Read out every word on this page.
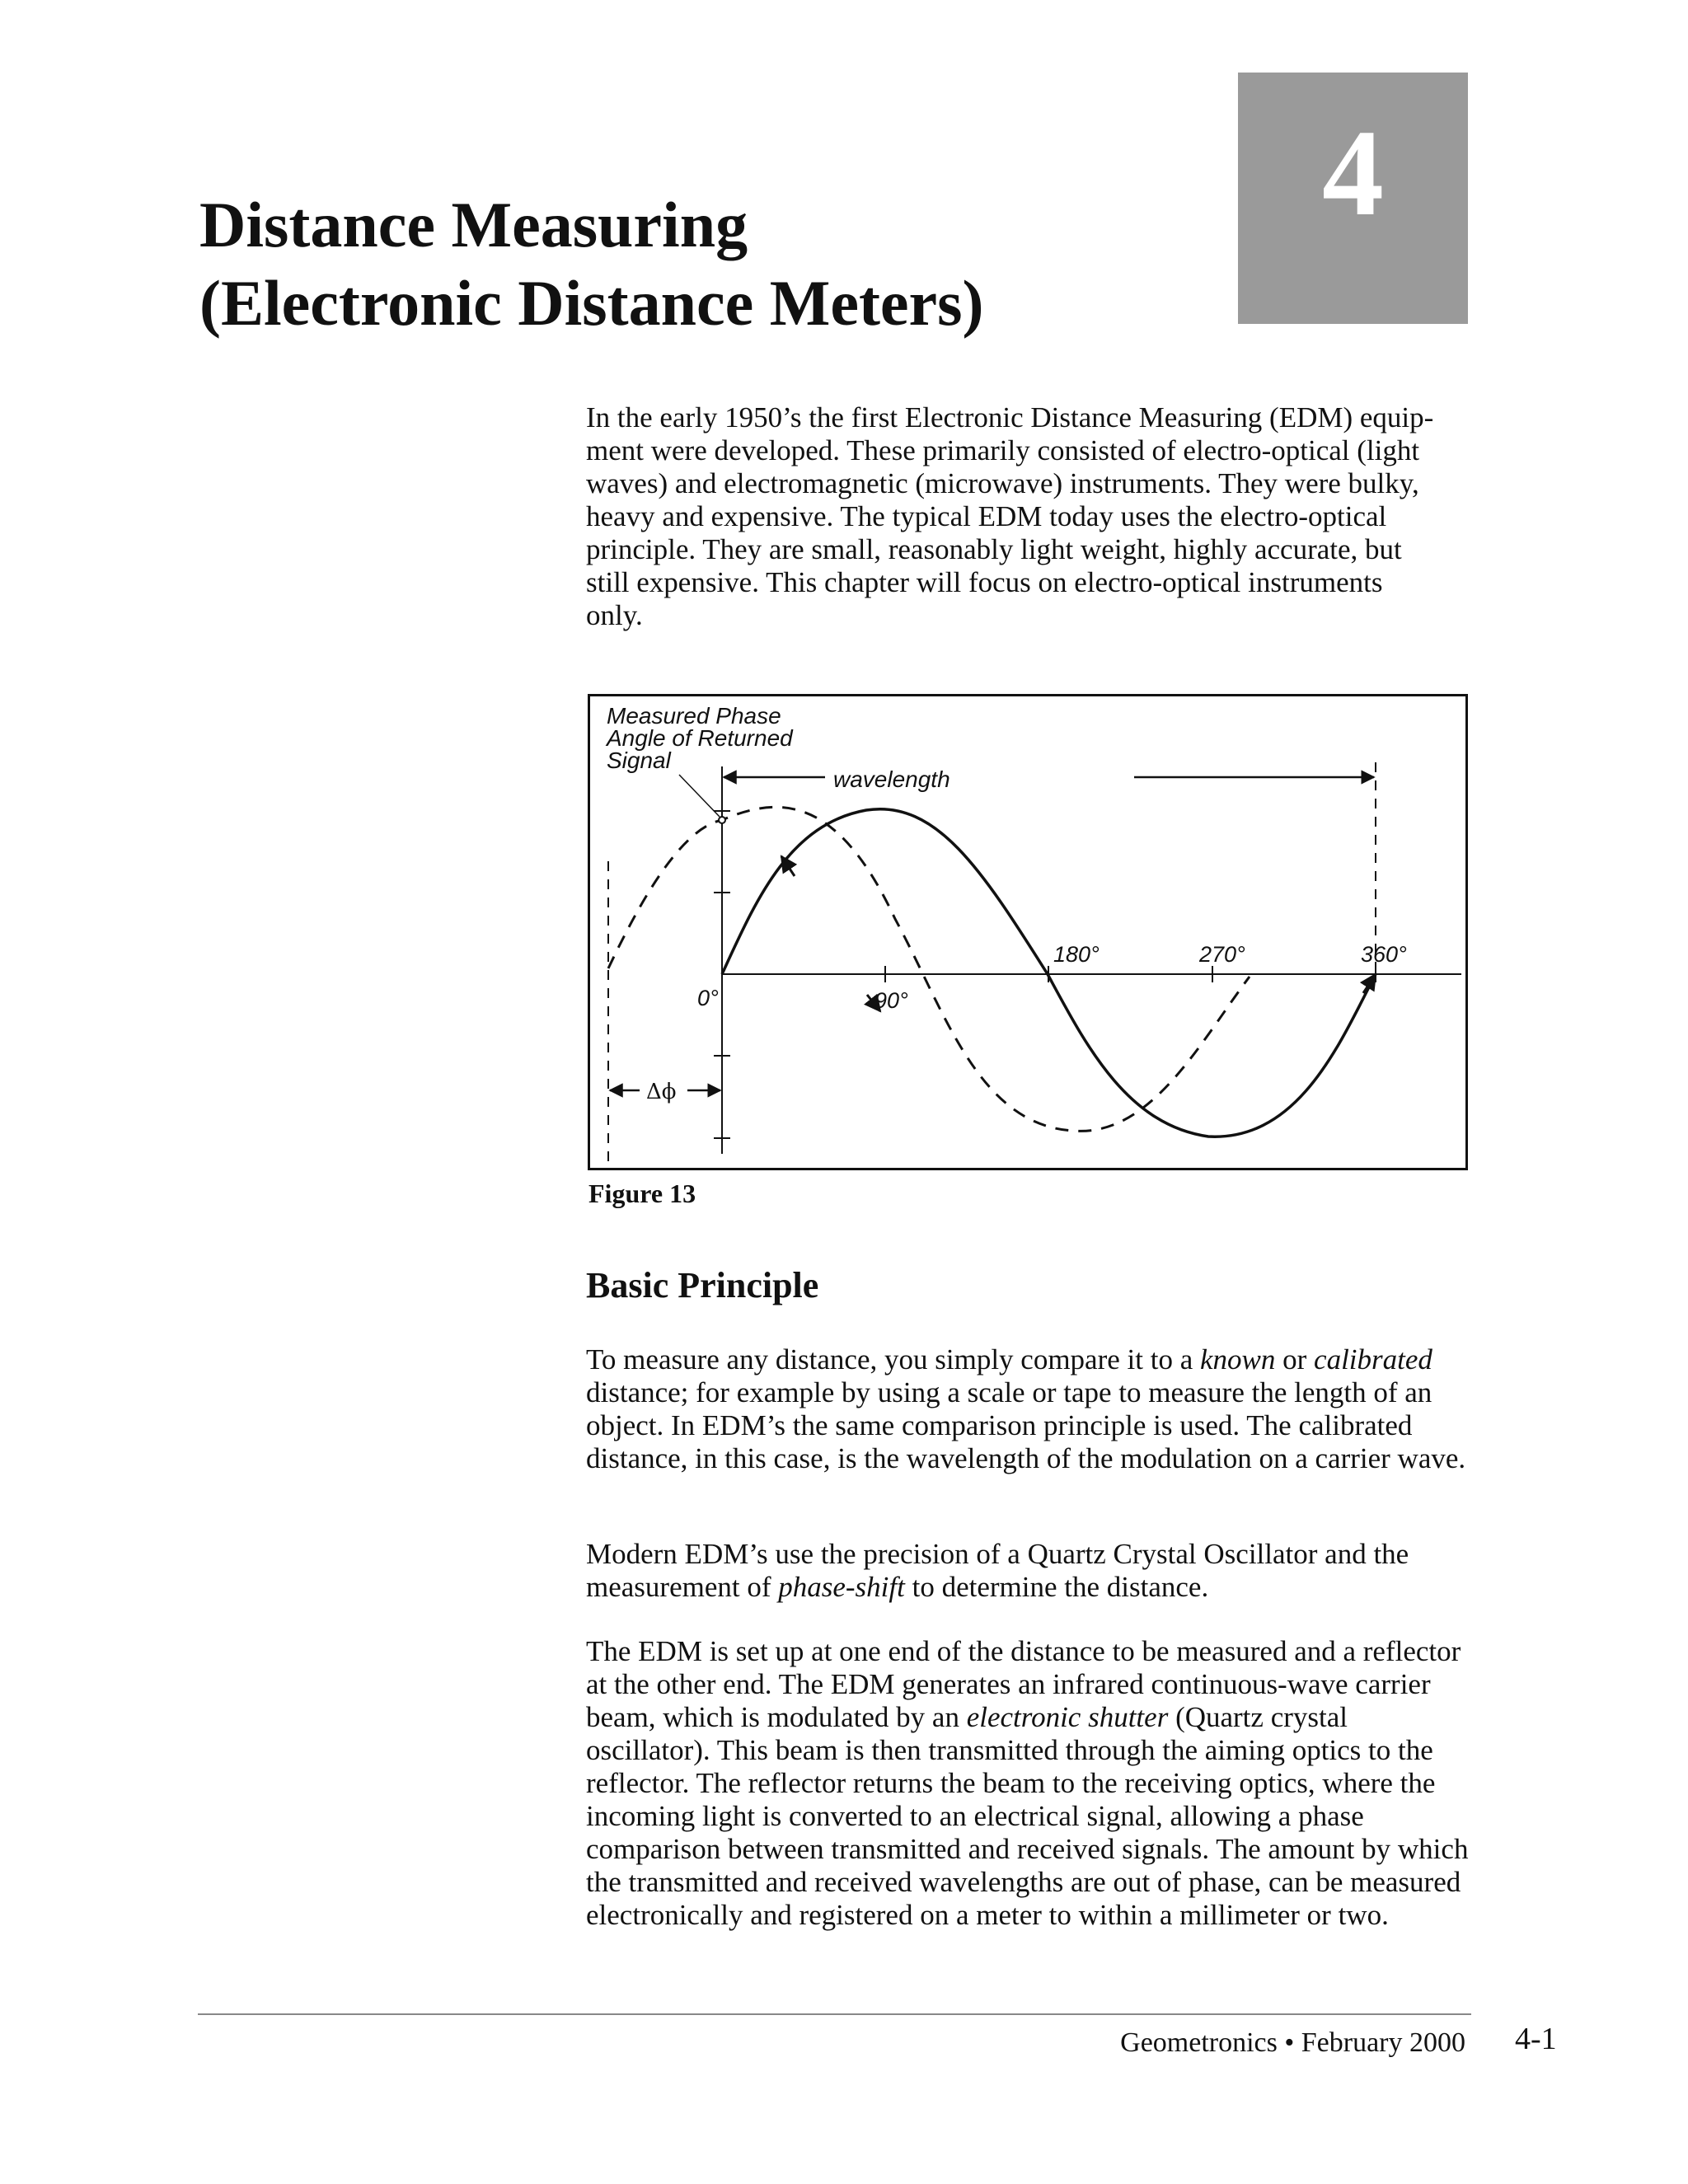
4
Distance Measuring
(Electronic Distance Meters)

In the early 1950’s the first Electronic Distance Measuring (EDM) equip-
ment were developed. These primarily consisted of electro-optical (light
waves) and electromagnetic (microwave) instruments. They were bulky,
heavy and expensive. The typical EDM today uses the electro-optical
principle. They are small, reasonably light weight, highly accurate, but
still expensive. This chapter will focus on electro-optical instruments
only.

wavelength
Δϕ
Measured Phase
Angle of Returned
Signal
0°	90°
180°	270°	360°

Figure 13

Basic Principle

To measure any distance, you simply compare it to a known or calibrated distance; for example by using a scale or tape to measure the length of an object. In EDM’s the same comparison principle is used. The calibrated distance, in this case, is the wavelength of the modulation on a carrier wave.

Modern EDM’s use the precision of a Quartz Crystal Oscillator and the measurement of phase-shift to determine the distance.

The EDM is set up at one end of the distance to be measured and a reflector at the other end. The EDM generates an infrared continuous-wave carrier beam, which is modulated by an electronic shutter (Quartz crystal oscillator). This beam is then transmitted through the aiming optics to the reflector. The reflector returns the beam to the receiving optics, where the incoming light is converted to an electrical signal, allowing a phase comparison between transmitted and received signals. The amount by which the transmitted and received wavelengths are out of phase, can be measured electronically and registered on a meter to within a millimeter or two.

Geometronics • February 2000 4-1
